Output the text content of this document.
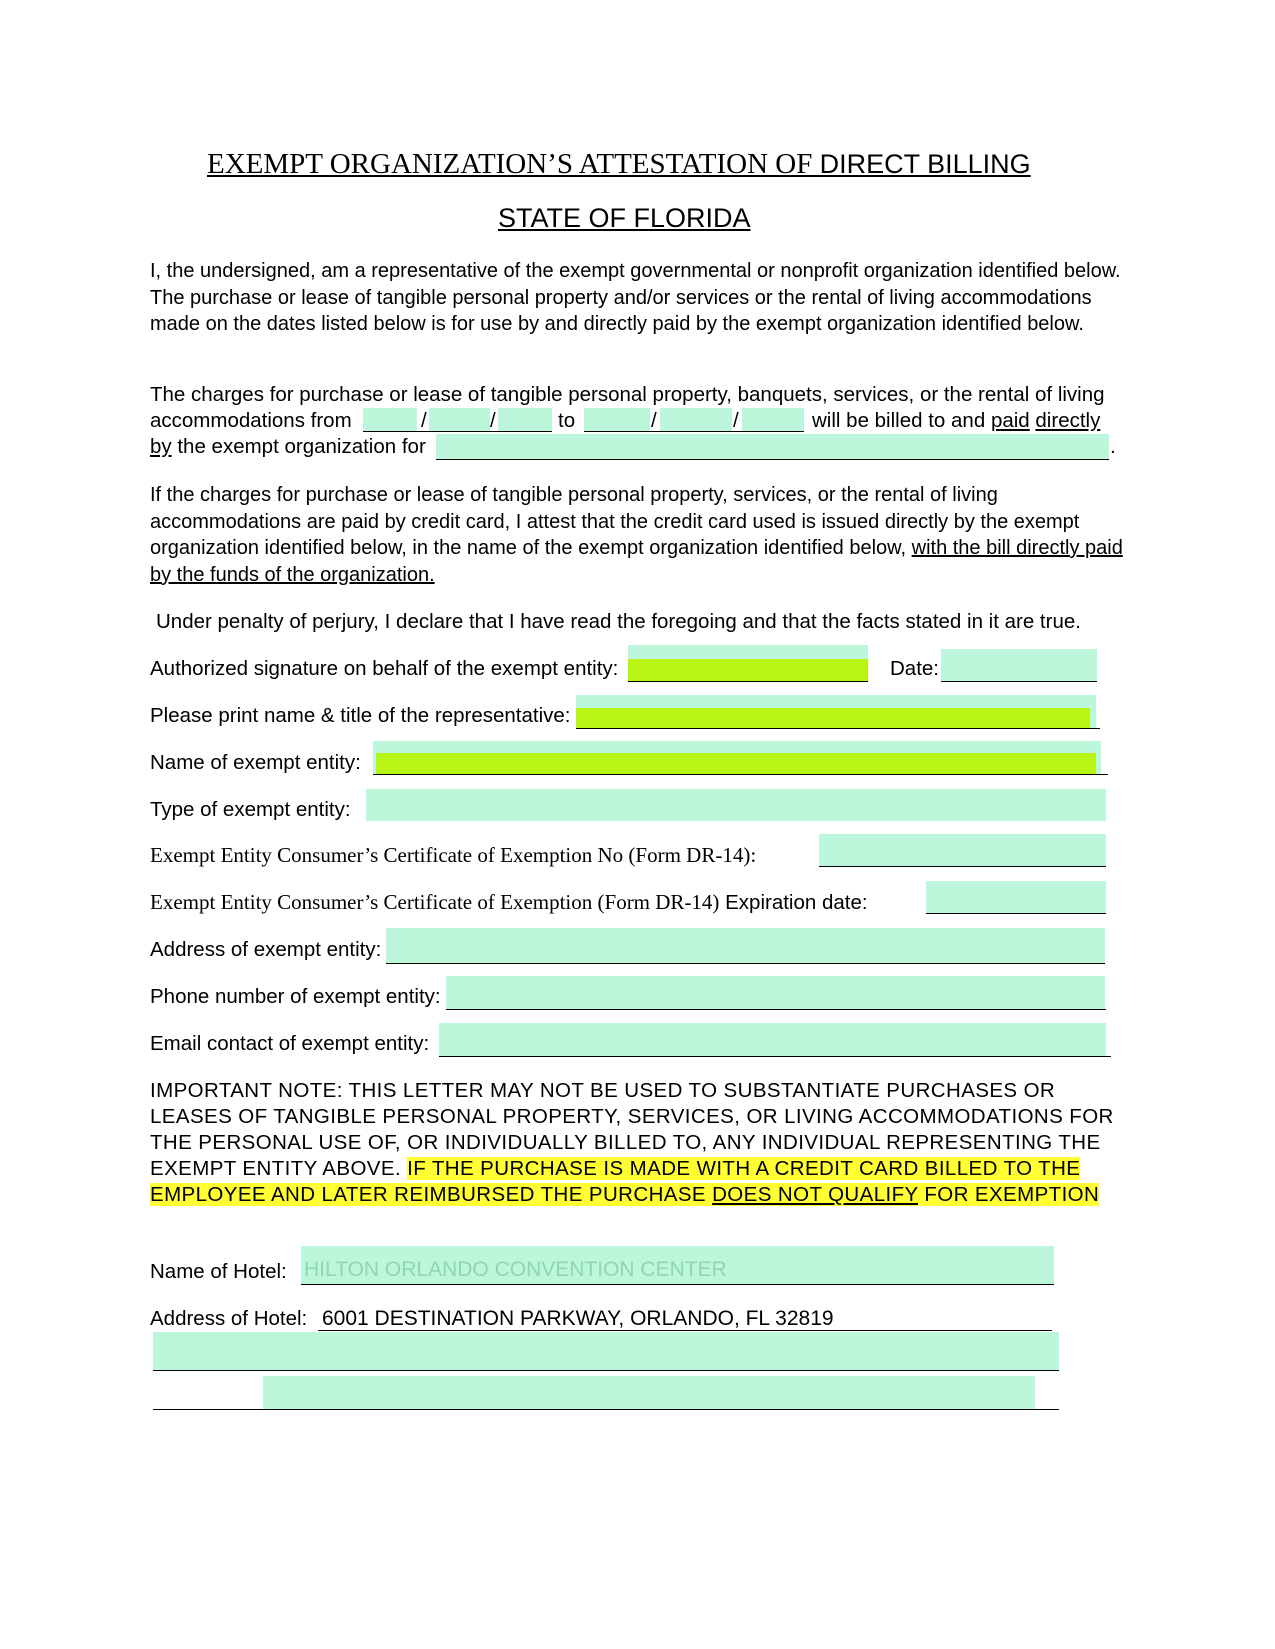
EXEMPT ORGANIZATION’S ATTESTATION OF DIRECT BILLING
STATE OF FLORIDA

I, the undersigned, am a representative of the exempt governmental or nonprofit organization identified below. The purchase or lease of tangible personal property and/or services or the rental of living accommodations made on the dates listed below is for use by and directly paid by the exempt organization identified below.

The charges for purchase or lease of tangible personal property, banquets, services, or the rental of living
accommodations from	/	/	to	/	/	will be billed to and paid directly
by the exempt organization for	.

If the charges for purchase or lease of tangible personal property, services, or the rental of living accommodations are paid by credit card, I attest that the credit card used is issued directly by the exempt organization identified below, in the name of the exempt organization identified below, with the bill directly paid by the funds of the organization.

Under penalty of perjury, I declare that I have read the foregoing and that the facts stated in it are true.
Authorized signature on behalf of the exempt entity:	Date:
Please print name & title of the representative:
Name of exempt entity:
Type of exempt entity:
Exempt Entity Consumer’s Certificate of Exemption No (Form DR-14):
Exempt Entity Consumer’s Certificate of Exemption (Form DR-14) Expiration date:
Address of exempt entity:
Phone number of exempt entity:
Email contact of exempt entity:
IMPORTANT NOTE: THIS LETTER MAY NOT BE USED TO SUBSTANTIATE PURCHASES OR LEASES OF TANGIBLE PERSONAL PROPERTY, SERVICES, OR LIVING ACCOMMODATIONS FOR THE PERSONAL USE OF, OR INDIVIDUALLY BILLED TO, ANY INDIVIDUAL REPRESENTING THE EXEMPT ENTITY ABOVE. IF THE PURCHASE IS MADE WITH A CREDIT CARD BILLED TO THE EMPLOYEE AND LATER REIMBURSED THE PURCHASE DOES NOT QUALIFY FOR EXEMPTION
Name of Hotel:
HILTON ORLANDO CONVENTION CENTER
Address of Hotel: 6001 DESTINATION PARKWAY, ORLANDO, FL 32819
